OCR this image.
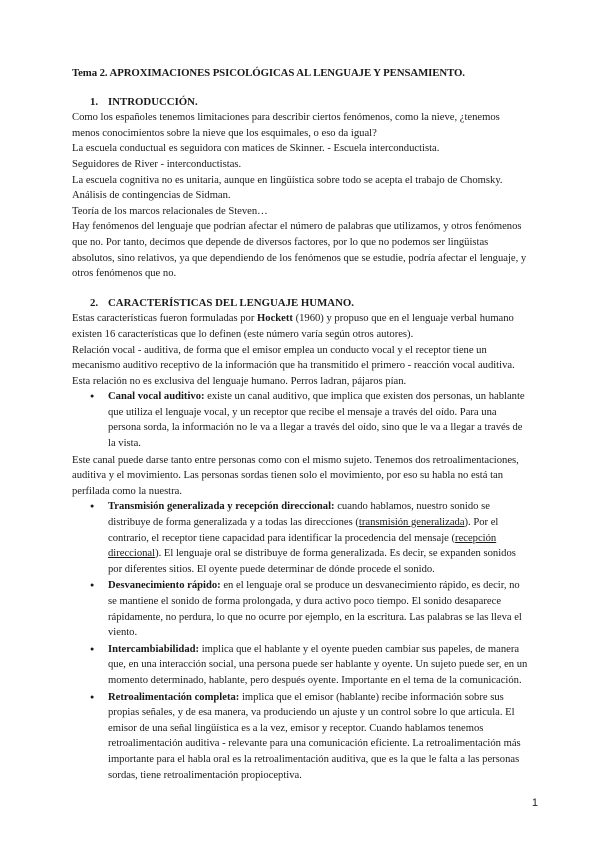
Tema 2. APROXIMACIONES PSICOLÓGICAS AL LENGUAJE Y PENSAMIENTO.
1. INTRODUCCIÓN.

Como los españoles tenemos limitaciones para describir ciertos fenómenos, como la nieve, ¿tenemos menos conocimientos sobre la nieve que los esquimales, o eso da igual?

La escuela conductual es seguidora con matices de Skinner. - Escuela interconductista.

Seguidores de River - interconductistas.

La escuela cognitiva no es unitaria, aunque en lingüística sobre todo se acepta el trabajo de Chomsky.

Análisis de contingencias de Sidman.

Teoría de los marcos relacionales de Steven…

Hay fenómenos del lenguaje que podrían afectar el número de palabras que utilizamos, y otros fenómenos que no. Por tanto, decimos que depende de diversos factores, por lo que no podemos ser lingüistas absolutos, sino relativos, ya que dependiendo de los fenómenos que se estudie, podría afectar el lenguaje, y otros fenómenos que no.

2. CARACTERÍSTICAS DEL LENGUAJE HUMANO.

Estas características fueron formuladas por Hockett (1960) y propuso que en el lenguaje verbal humano existen 16 características que lo definen (este número varía según otros autores).

Relación vocal - auditiva, de forma que el emisor emplea un conducto vocal y el receptor tiene un mecanismo auditivo receptivo de la información que ha transmitido el primero - reacción vocal auditiva. Esta relación no es exclusiva del lenguaje humano. Perros ladran, pájaros pían.

● Canal vocal auditivo: existe un canal auditivo, que implica que existen dos personas, un hablante que utiliza el lenguaje vocal, y un receptor que recibe el mensaje a través del oído. Para una persona sorda, la información no le va a llegar a través del oído, sino que le va a llegar a través de la vista.

Este canal puede darse tanto entre personas como con el mismo sujeto. Tenemos dos retroalimentaciones, auditiva y el movimiento. Las personas sordas tienen solo el movimiento, por eso su habla no está tan perfilada como la nuestra.

● Transmisión generalizada y recepción direccional: cuando hablamos, nuestro sonido se distribuye de forma generalizada y a todas las direcciones (transmisión generalizada). Por el contrario, el receptor tiene capacidad para identificar la procedencia del mensaje (recepción direccional). El lenguaje oral se distribuye de forma generalizada. Es decir, se expanden sonidos por diferentes sitios. El oyente puede determinar de dónde procede el sonido.
● Desvanecimiento rápido: en el lenguaje oral se produce un desvanecimiento rápido, es decir, no se mantiene el sonido de forma prolongada, y dura activo poco tiempo. El sonido desaparece rápidamente, no perdura, lo que no ocurre por ejemplo, en la escritura. Las palabras se las lleva el viento.
● Intercambiabilidad: implica que el hablante y el oyente pueden cambiar sus papeles, de manera que, en una interacción social, una persona puede ser hablante y oyente. Un sujeto puede ser, en un momento determinado, hablante, pero después oyente. Importante en el tema de la comunicación.
● Retroalimentación completa: implica que el emisor (hablante) recibe información sobre sus propias señales, y de esa manera, va produciendo un ajuste y un control sobre lo que articula. El emisor de una señal lingüística es a la vez, emisor y receptor. Cuando hablamos tenemos retroalimentación auditiva - relevante para una comunicación eficiente. La retroalimentación más importante para el habla oral es la retroalimentación auditiva, que es la que le falta a las personas sordas, tiene retroalimentación propioceptiva.
1
